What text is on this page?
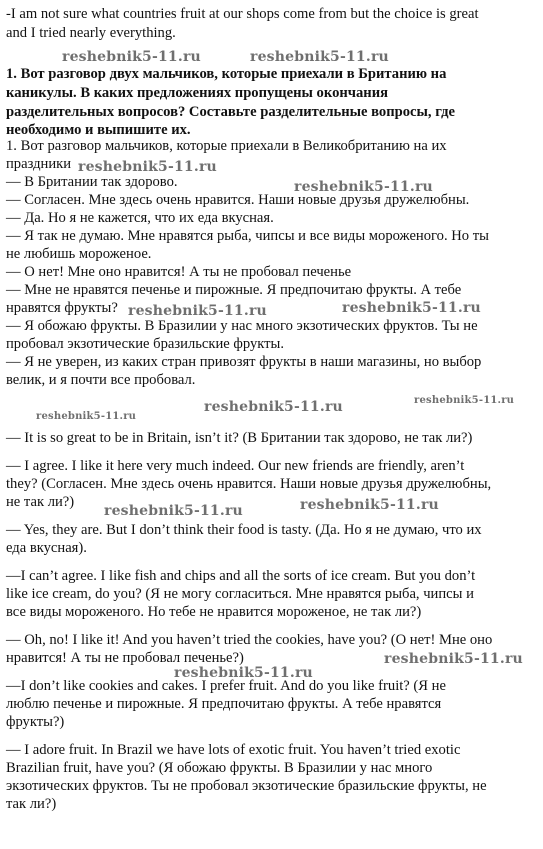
-I am not sure what countries fruit at our shops come from but the choice is great
and I tried nearly everything.
1. Вот разговор двух мальчиков, которые приехали в Британию на
каникулы. В каких предложениях пропущены окончания
разделительных вопросов? Составьте разделительные вопросы, где
необходимо и выпишите их.
1. Вот разговор мальчиков, которые приехали в Великобританию на их
праздники
— В Британии так здорово.
— Согласен. Мне здесь очень нравится. Наши новые друзья дружелюбны.
— Да. Но я не кажется, что их еда вкусная.
— Я так не думаю. Мне нравятся рыба, чипсы и все виды мороженого. Но ты
не любишь мороженое.
— О нет! Мне оно нравится! А ты не пробовал печенье
— Мне не нравятся печенье и пирожные. Я предпочитаю фрукты. А тебе
нравятся фрукты?
— Я обожаю фрукты. В Бразилии у нас много экзотических фруктов. Ты не
пробовал экзотические бразильские фрукты.
— Я не уверен, из каких стран привозят фрукты в наши магазины, но выбор
велик, и я почти все пробовал.
— It is so great to be in Britain, isn’t it? (В Британии так здорово, не так ли?)
— I agree. I like it here very much indeed. Our new friends are friendly, aren’t
they? (Согласен. Мне здесь очень нравится. Наши новые друзья дружелюбны,
не так ли?)
— Yes, they are. But I don’t think their food is tasty. (Да. Но я не думаю, что их
еда вкусная).
—I can’t agree. I like fish and chips and all the sorts of ice cream. But you don’t
like ice cream, do you? (Я не могу согласиться. Мне нравятся рыба, чипсы и
все виды мороженого. Но тебе не нравится мороженое, не так ли?)
— Oh, no! I like it! And you haven’t tried the cookies, have you? (О нет! Мне оно
нравится! А ты не пробовал печенье?)
—I don’t like cookies and cakes. I prefer fruit. And do you like fruit? (Я не
люблю печенье и пирожные. Я предпочитаю фрукты. А тебе нравятся
фрукты?)
— I adore fruit. In Brazil we have lots of exotic fruit. You haven’t tried exotic
Brazilian fruit, have you? (Я обожаю фрукты. В Бразилии у нас много
экзотических фруктов. Ты не пробовал экзотические бразильские фрукты, не
так ли?)
reshebnik5-11.ru	reshebnik5-11.ru
reshebnik5-11.ru
reshebnik5-11.ru
reshebnik5-11.ru	reshebnik5-11.ru
reshebnik5-11.ru
reshebnik5-11.ru
reshebnik5-11.ru
reshebnik5-11.ru	reshebnik5-11.ru
reshebnik5-11.ru
reshebnik5-11.ru
